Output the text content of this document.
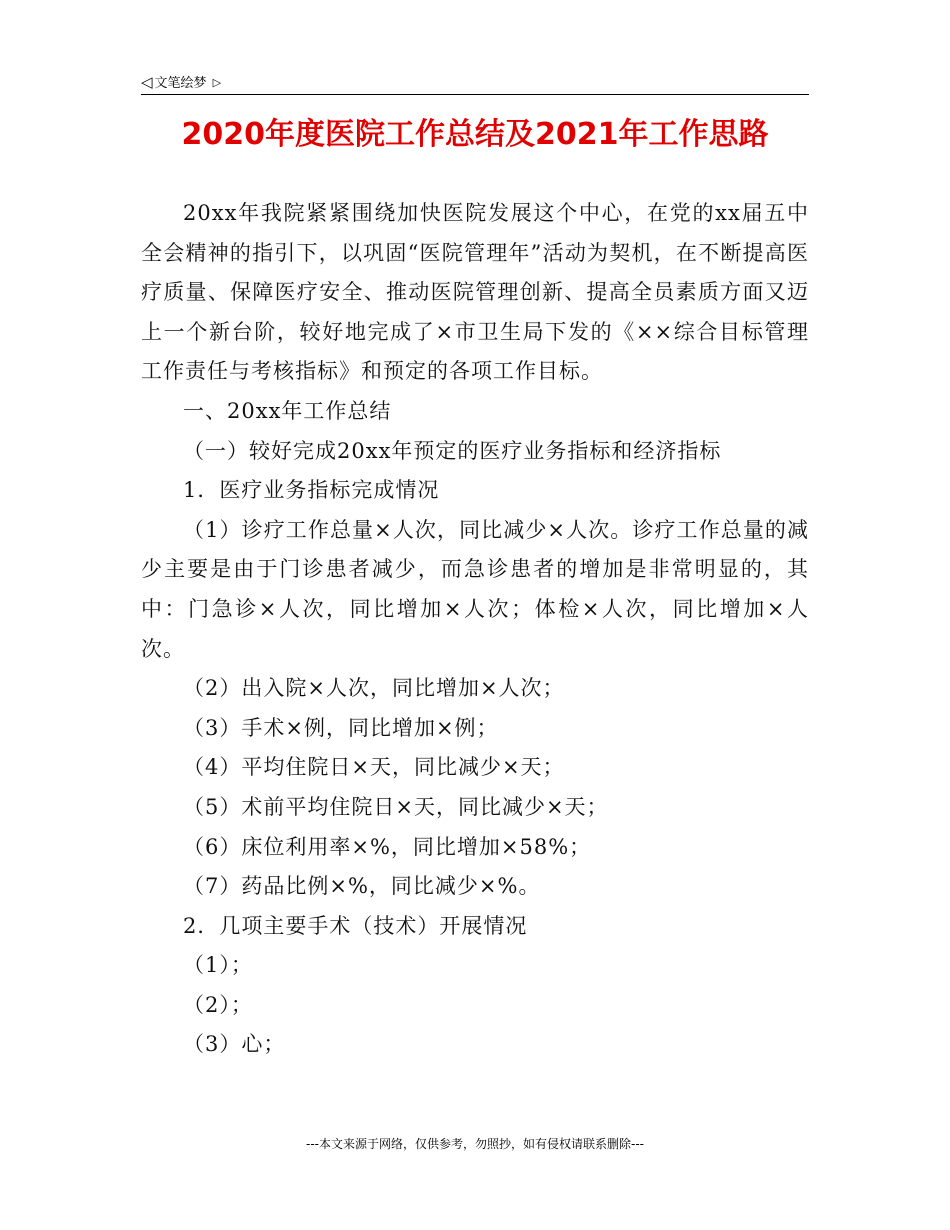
◁ 文笔绘梦 ▷
2020年度医院工作总结及2021年工作思路

20xx年我院紧紧围绕加快医院发展这个中心，在党的xx届五中全会精神的指引下，以巩固“医院管理年”活动为契机，在不断提高医疗质量、保障医疗安全、推动医院管理创新、提高全员素质方面又迈上一个新台阶，较好地完成了×市卫生局下发的《××综合目标管理工作责任与考核指标》和预定的各项工作目标。

一、20xx年工作总结

（一）较好完成20xx年预定的医疗业务指标和经济指标

1．医疗业务指标完成情况

（1）诊疗工作总量×人次，同比减少×人次。诊疗工作总量的减少主要是由于门诊患者减少，而急诊患者的增加是非常明显的，其中：门急诊×人次，同比增加×人次；体检×人次，同比增加×人次。

（2）出入院×人次，同比增加×人次；

（3）手术×例，同比增加×例；

（4）平均住院日×天，同比减少×天；

（5）术前平均住院日×天，同比减少×天；

（6）床位利用率×%，同比增加×58%；

（7）药品比例×%，同比减少×%。

2．几项主要手术（技术）开展情况

（1）；

（2）；

（3）心；

---本文来源于网络，仅供参考，勿照抄，如有侵权请联系删除---
